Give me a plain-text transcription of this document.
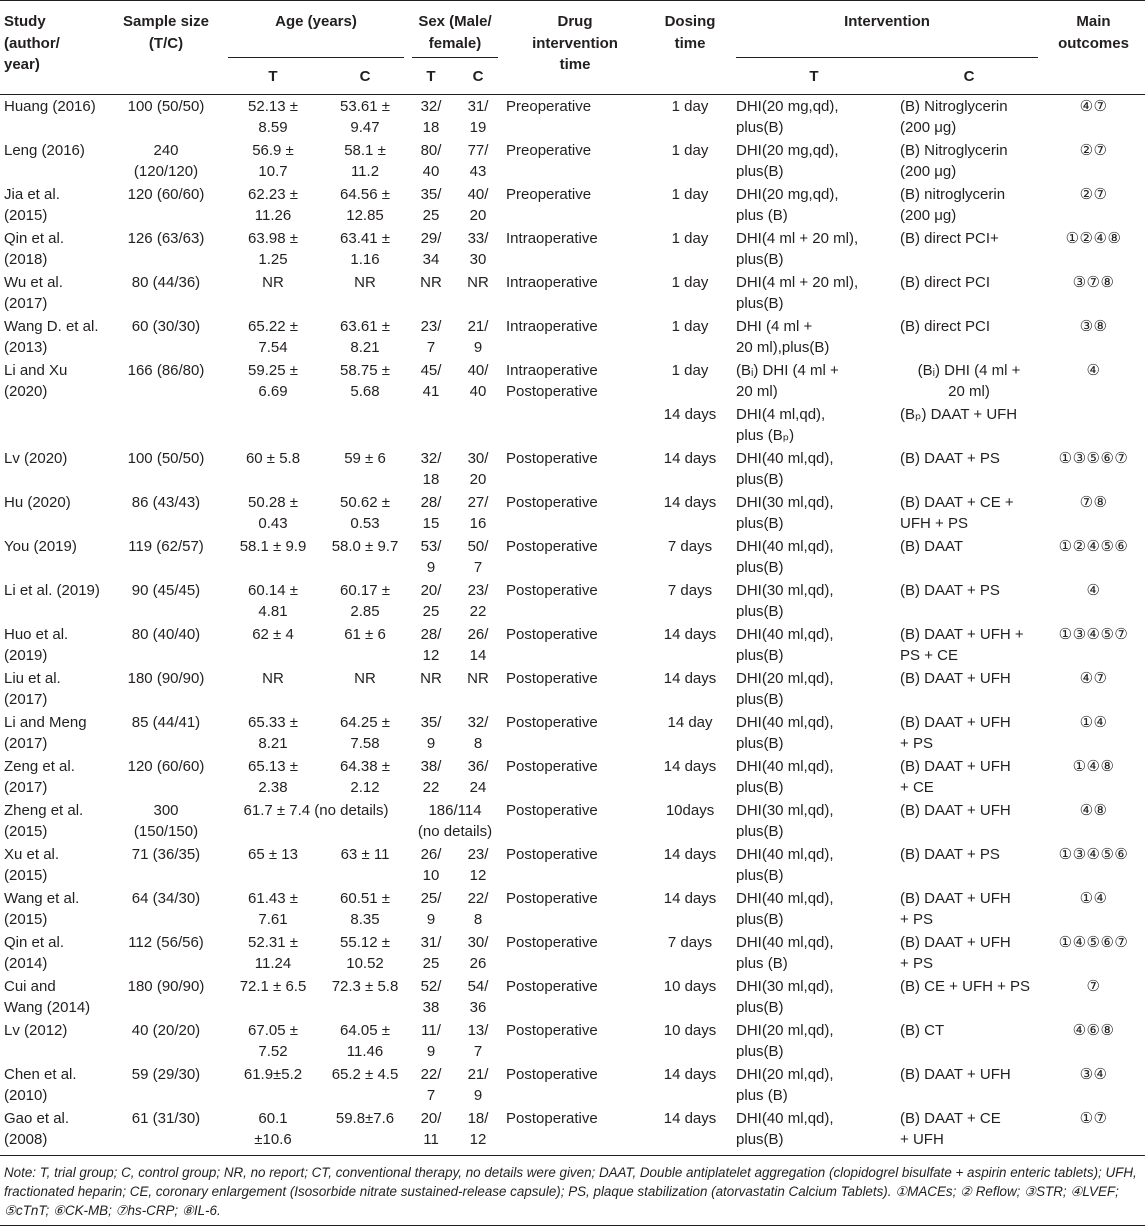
Study
(author/
year)	Sample size
(T/C)	Age (years)		Sex (Male/
female)		Drug
intervention
time	Dosing
time	Intervention		Main
outcomes
		T	C	T	C			T	C	
Huang (2016)	100 (50/50)	52.13 ±
8.59	53.61 ±
9.47	32/
18	31/
19	Preoperative	1 day	DHI(20 mg,qd),
plus(B)	(B) Nitroglycerin
(200 μg)	④⑦
Leng (2016)	240
(120/120)	56.9 ±
10.7	58.1 ±
11.2	80/
40	77/
43	Preoperative	1 day	DHI(20 mg,qd),
plus(B)	(B) Nitroglycerin
(200 μg)	②⑦
Jia et al.
(2015)	120 (60/60)	62.23 ±
11.26	64.56 ±
12.85	35/
25	40/
20	Preoperative	1 day	DHI(20 mg,qd),
plus (B)	(B) nitroglycerin
(200 μg)	②⑦
Qin et al.
(2018)	126 (63/63)	63.98 ±
1.25	63.41 ±
1.16	29/
34	33/
30	Intraoperative	1 day	DHI(4 ml + 20 ml),
plus(B)	(B) direct PCI+	①②④⑧
Wu et al.
(2017)	80 (44/36)	NR	NR	NR	NR	Intraoperative	1 day	DHI(4 ml + 20 ml),
plus(B)	(B) direct PCI	③⑦⑧
Wang D. et al.
(2013)	60 (30/30)	65.22 ±
7.54	63.61 ±
8.21	23/
7	21/
9	Intraoperative	1 day	DHI (4 ml +
20 ml),plus(B)	(B) direct PCI	③⑧
Li and Xu
(2020)	166 (86/80)	59.25 ±
6.69	58.75 ±
5.68	45/
41	40/
40	Intraoperative
Postoperative	1 day	(Bᵢ) DHI (4 ml +
20 ml)	(Bᵢ) DHI (4 ml +
20 ml)	④
							14 days	DHI(4 ml,qd),
plus (Bₚ)	(Bₚ) DAAT + UFH	
Lv (2020)	100 (50/50)	60 ± 5.8	59 ± 6	32/
18	30/
20	Postoperative	14 days	DHI(40 ml,qd),
plus(B)	(B) DAAT + PS	①③⑤⑥⑦
Hu (2020)	86 (43/43)	50.28 ±
0.43	50.62 ±
0.53	28/
15	27/
16	Postoperative	14 days	DHI(30 ml,qd),
plus(B)	(B) DAAT + CE +
UFH + PS	⑦⑧
You (2019)	119 (62/57)	58.1 ± 9.9	58.0 ± 9.7	53/
9	50/
7	Postoperative	7 days	DHI(40 ml,qd),
plus(B)	(B) DAAT	①②④⑤⑥
Li et al. (2019)	90 (45/45)	60.14 ±
4.81	60.17 ±
2.85	20/
25	23/
22	Postoperative	7 days	DHI(30 ml,qd),
plus(B)	(B) DAAT + PS	④
Huo et al.
(2019)	80 (40/40)	62 ± 4	61 ± 6	28/
12	26/
14	Postoperative	14 days	DHI(40 ml,qd),
plus(B)	(B) DAAT + UFH +
PS + CE	①③④⑤⑦
Liu et al.
(2017)	180 (90/90)	NR	NR	NR	NR	Postoperative	14 days	DHI(20 ml,qd),
plus(B)	(B) DAAT + UFH	④⑦
Li and Meng
(2017)	85 (44/41)	65.33 ±
8.21	64.25 ±
7.58	35/
9	32/
8	Postoperative	14 day	DHI(40 ml,qd),
plus(B)	(B) DAAT + UFH
+ PS	①④
Zeng et al.
(2017)	120 (60/60)	65.13 ±
2.38	64.38 ±
2.12	38/
22	36/
24	Postoperative	14 days	DHI(40 ml,qd),
plus(B)	(B) DAAT + UFH
+ CE	①④⑧
Zheng et al.
(2015)	300
(150/150)	61.7 ± 7.4 (no details)		186/114
(no details)		Postoperative	10days	DHI(30 ml,qd),
plus(B)	(B) DAAT + UFH	④⑧
Xu et al.
(2015)	71 (36/35)	65 ± 13	63 ± 11	26/
10	23/
12	Postoperative	14 days	DHI(40 ml,qd),
plus(B)	(B) DAAT + PS	①③④⑤⑥
Wang et al.
(2015)	64 (34/30)	61.43 ±
7.61	60.51 ±
8.35	25/
9	22/
8	Postoperative	14 days	DHI(40 ml,qd),
plus(B)	(B) DAAT + UFH
+ PS	①④
Qin et al.
(2014)	112 (56/56)	52.31 ±
11.24	55.12 ±
10.52	31/
25	30/
26	Postoperative	7 days	DHI(40 ml,qd),
plus (B)	(B) DAAT + UFH
+ PS	①④⑤⑥⑦
Cui and
Wang (2014)	180 (90/90)	72.1 ± 6.5	72.3 ± 5.8	52/
38	54/
36	Postoperative	10 days	DHI(30 ml,qd),
plus(B)	(B) CE + UFH + PS	⑦
Lv (2012)	40 (20/20)	67.05 ±
7.52	64.05 ±
11.46	11/
9	13/
7	Postoperative	10 days	DHI(20 ml,qd),
plus(B)	(B) CT	④⑥⑧
Chen et al.
(2010)	59 (29/30)	61.9±5.2	65.2 ± 4.5	22/
7	21/
9	Postoperative	14 days	DHI(20 ml,qd),
plus (B)	(B) DAAT + UFH	③④
Gao et al.
(2008)	61 (31/30)	60.1
±10.6	59.8±7.6	20/
11	18/
12	Postoperative	14 days	DHI(40 ml,qd),
plus(B)	(B) DAAT + CE
+ UFH	①⑦
Note: T, trial group; C, control group; NR, no report; CT, conventional therapy, no details were given; DAAT, Double antiplatelet aggregation (clopidogrel bisulfate + aspirin enteric tablets); UFH, fractionated heparin; CE, coronary enlargement (Isosorbide nitrate sustained-release capsule); PS, plaque stabilization (atorvastatin Calcium Tablets). ①MACEs; ② Reflow; ③STR; ④LVEF; ⑤cTnT; ⑥CK-MB; ⑦hs-CRP; ⑧IL-6.
